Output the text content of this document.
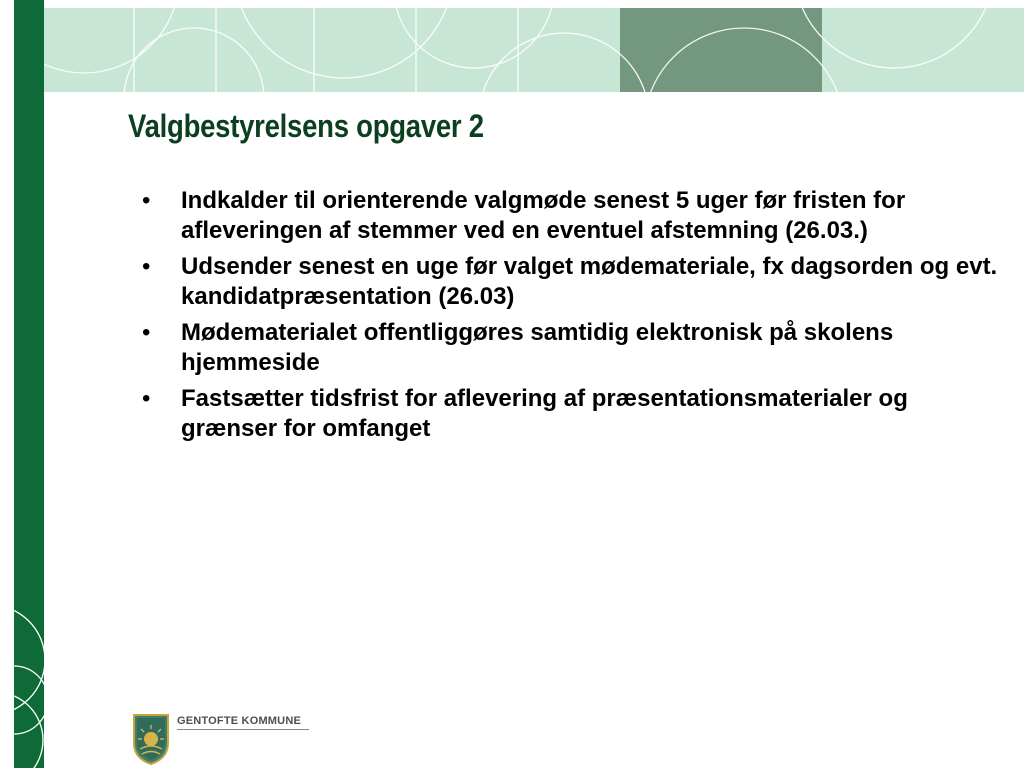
Valgbestyrelsens opgaver 2
• Indkalder til orienterende valgmøde senest 5 uger før fristen for afleveringen af stemmer ved en eventuel afstemning (26.03.)
• Udsender senest en uge før valget mødemateriale, fx dagsorden og evt. kandidatpræsentation (26.03)
• Mødematerialet offentliggøres samtidig elektronisk på skolens hjemmeside
• Fastsætter tidsfrist for aflevering af præsentationsmaterialer og grænser for omfanget
GENTOFTE KOMMUNE
